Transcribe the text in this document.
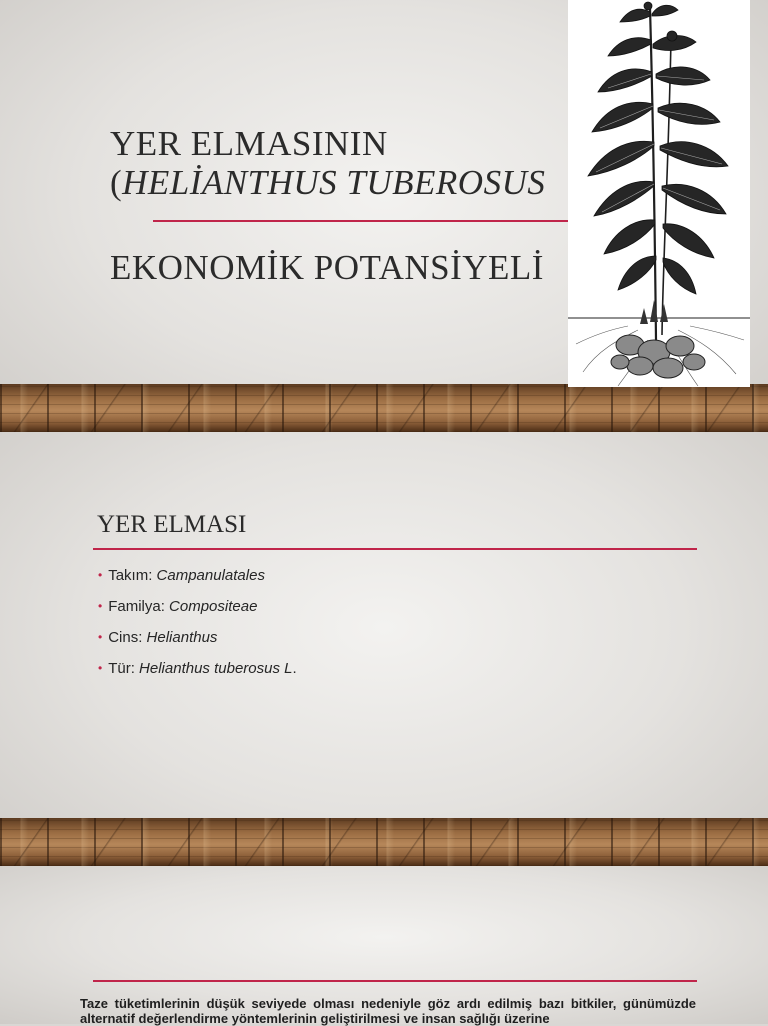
YER ELMASININ
(HELİANTHUS TUBEROSUS
EKONOMİK POTANSİYELİ
YER ELMASI
• Takım: Campanulatales
• Familya: Compositeae
• Cins: Helianthus
• Tür: Helianthus tuberosus L.
Taze tüketimlerinin düşük seviyede olması nedeniyle göz ardı edilmiş bazı bitkiler, günümüzde alternatif değerlendirme yöntemlerinin geliştirilmesi ve insan sağlığı üzerine
